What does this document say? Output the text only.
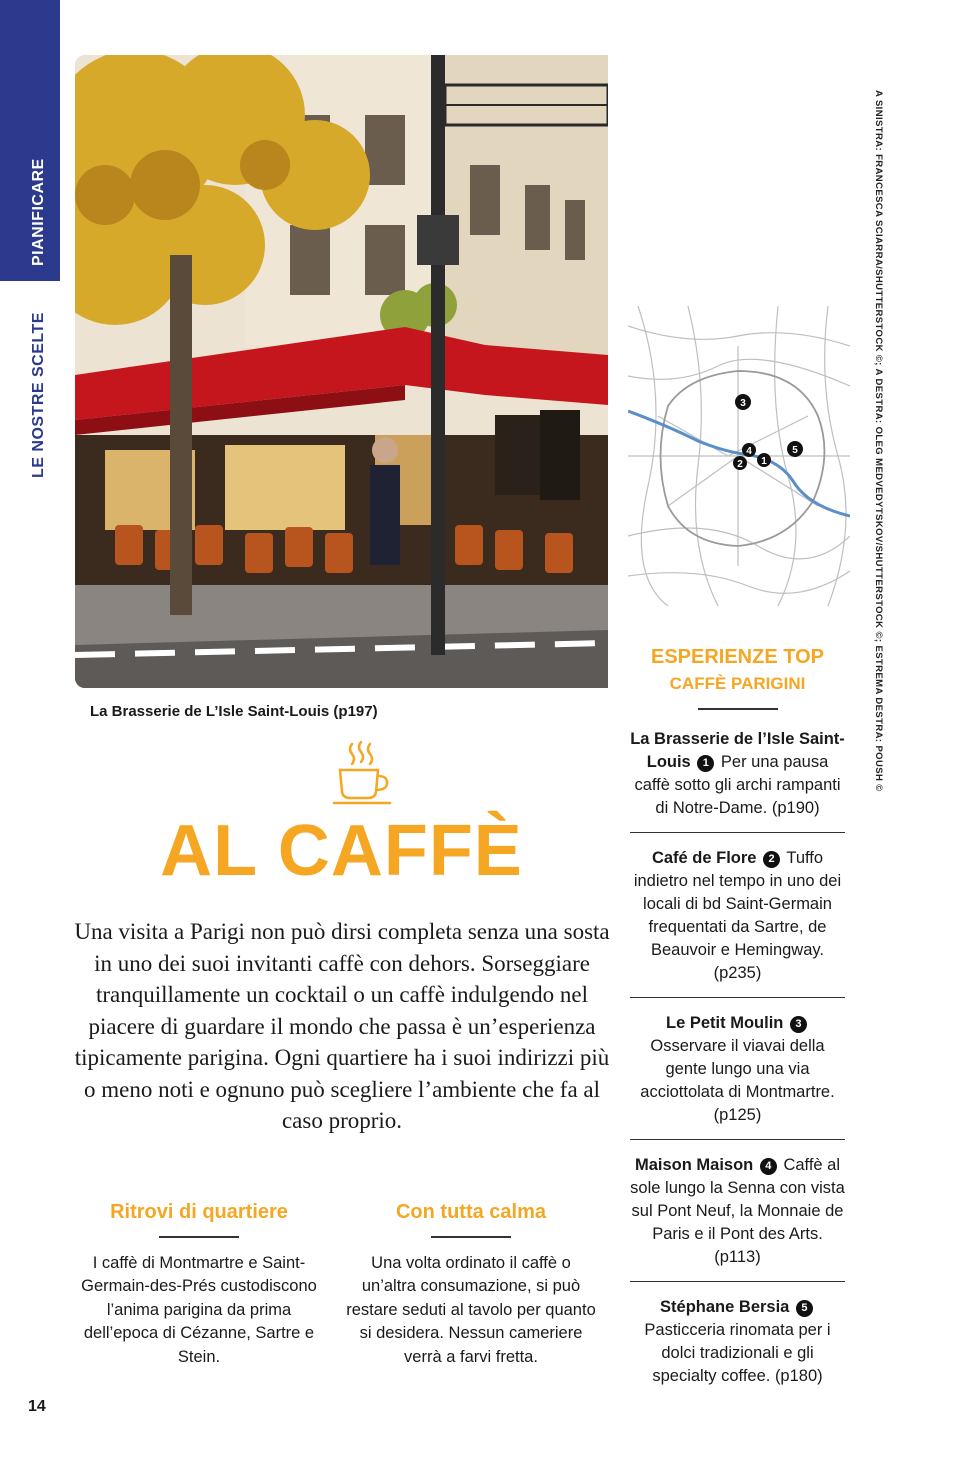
PIANIFICARE
LE NOSTRE SCELTE	3
4
2 1
5	A SINISTRA: FRANCESCA SCIARRA/SHUTTERSTOCK ©; A DESTRA: OLEG MEDVEDYTSKOV/SHUTTERSTOCK ©; ESTREMA DESTRA: POUSH ©
La Brasserie de L’Isle Saint-Louis (p197)
AL CAFFÈ

Una visita a Parigi non può dirsi completa senza una sosta in uno dei suoi invitanti caffè con dehors. Sorseggiare tranquillamente un cocktail o un caffè indulgendo nel piacere di guardare il mondo che passa è un’esperienza tipicamente parigina. Ogni quartiere ha i suoi indirizzi più o meno noti e ognuno può scegliere l’ambiente che fa al caso proprio.

Ritrovi di quartiere

I caffè di Montmartre e Saint-Germain-des-Prés custodiscono l’anima parigina da prima dell’epoca di Cézanne, Sartre e Stein.

Con tutta calma

Una volta ordinato il caffè o un’altra consumazione, si può restare seduti al tavolo per quanto si desidera. Nessun cameriere verrà a farvi fretta.

14
ESPERIENZE TOP
CAFFÈ PARIGINI
La Brasserie de l’Isle Saint-Louis 1 Per una pausa caffè sotto gli archi rampanti di Notre-Dame. (p190)
Café de Flore 2 Tuffo indietro nel tempo in uno dei locali di bd Saint-Germain frequentati da Sartre, de Beauvoir e Hemingway. (p235)
Le Petit Moulin 3 Osservare il viavai della gente lungo una via acciottolata di Montmartre. (p125)
Maison Maison 4 Caffè al sole lungo la Senna con vista sul Pont Neuf, la Monnaie de Paris e il Pont des Arts. (p113)
Stéphane Bersia 5 Pasticceria rinomata per i dolci tradizionali e gli specialty coffee. (p180)
